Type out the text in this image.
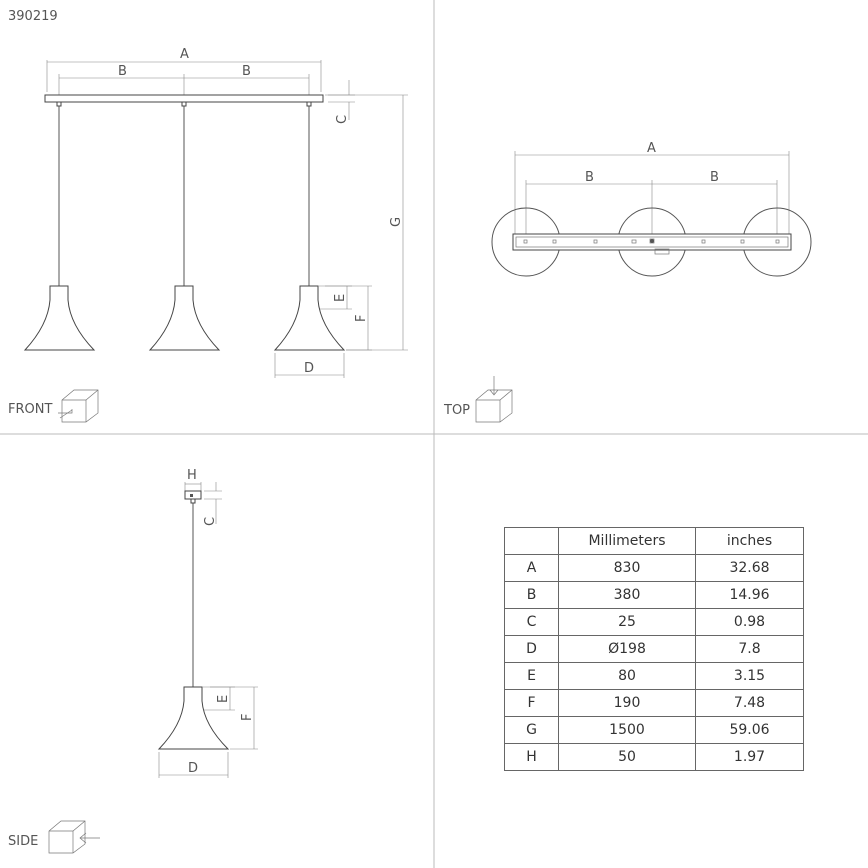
390219
A
B	B
C
G
E
F
D
FRONT
A
B	B
TOP
H
C
E
F
D
SIDE
	Millimeters	inches
A	830	32.68
B	380	14.96
C	25	0.98
D	Ø198	7.8
E	80	3.15
F	190	7.48
G	1500	59.06
H	50	1.97
